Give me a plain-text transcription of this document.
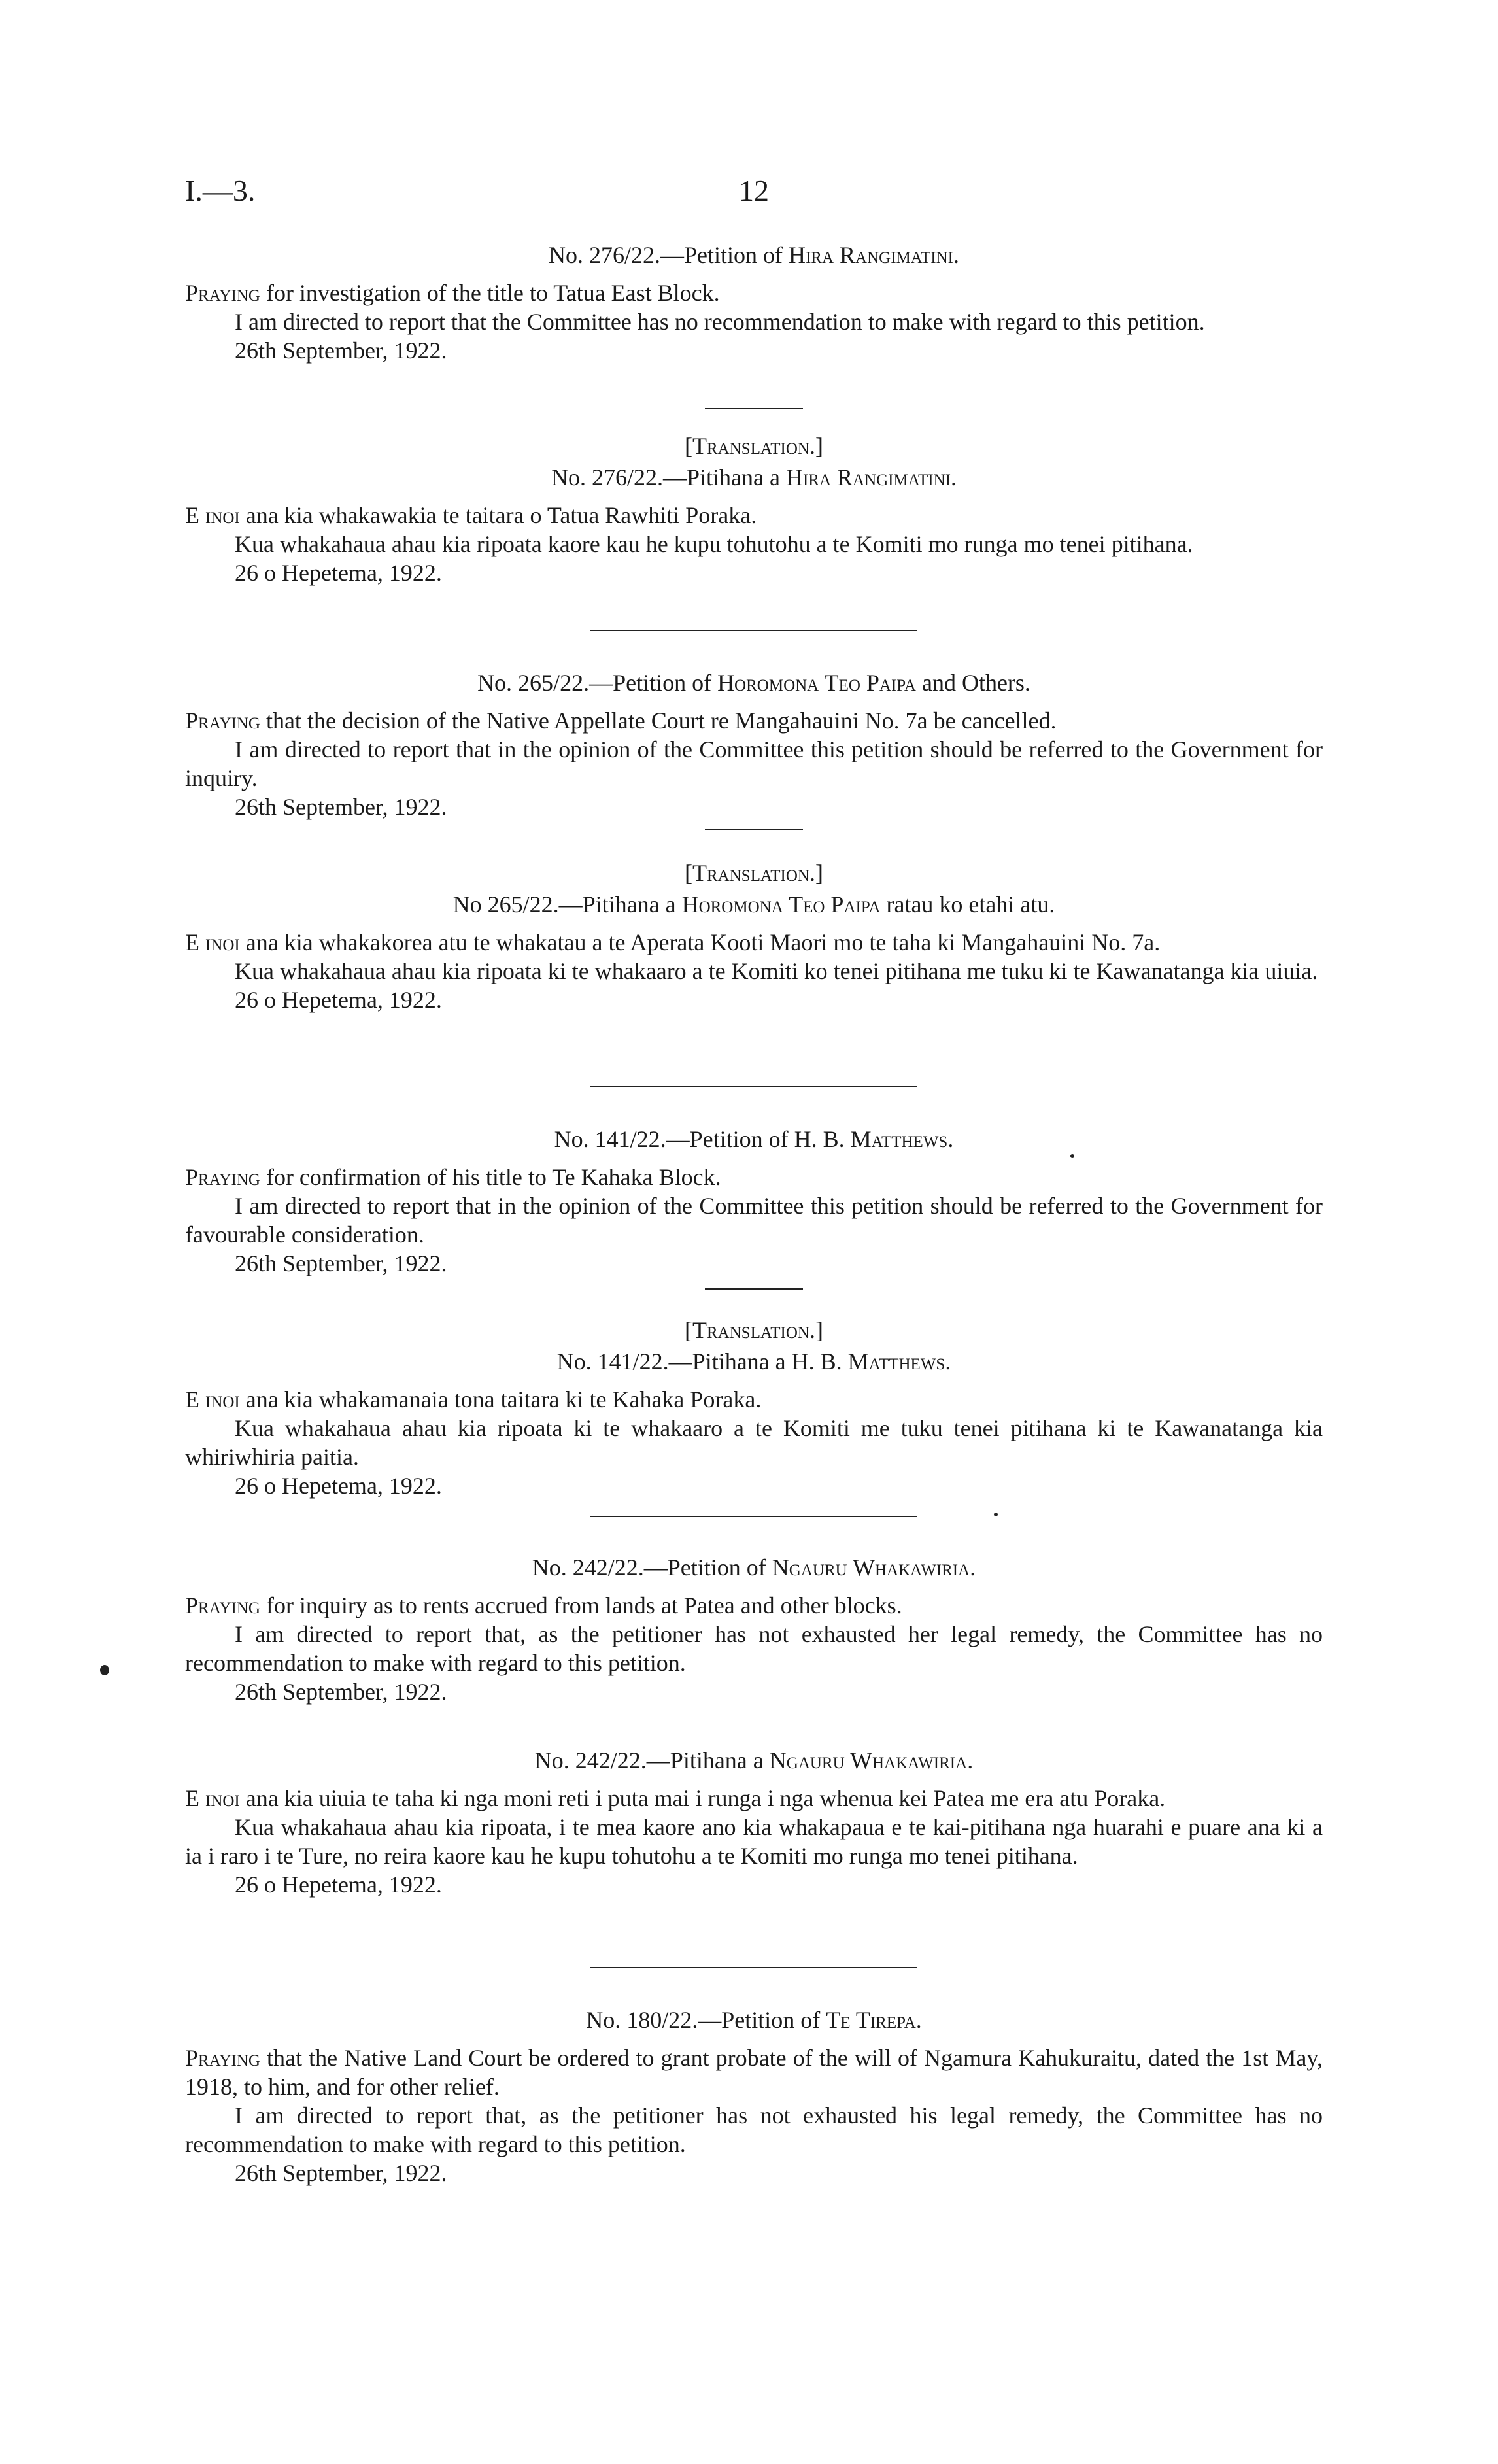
I.—3.	12
No. 276/22.—Petition of Hira Rangimatini.

Praying for investigation of the title to Tatua East Block.

I am directed to report that the Committee has no recommendation to make with regard to this petition.

26th September, 1922.

[Translation.]
No. 276/22.—Pitihana a Hira Rangimatini.

E inoi ana kia whakawakia te taitara o Tatua Rawhiti Poraka.

Kua whakahaua ahau kia ripoata kaore kau he kupu tohutohu a te Komiti mo runga mo tenei pitihana.

26 o Hepetema, 1922.

No. 265/22.—Petition of Horomona Teo Paipa and Others.

Praying that the decision of the Native Appellate Court re Mangahauini No. 7a be cancelled.

I am directed to report that in the opinion of the Committee this petition should be referred to the Government for inquiry.

26th September, 1922.

[Translation.]
No 265/22.—Pitihana a Horomona Teo Paipa ratau ko etahi atu.

E inoi ana kia whakakorea atu te whakatau a te Aperata Kooti Maori mo te taha ki Mangahauini No. 7a.

Kua whakahaua ahau kia ripoata ki te whakaaro a te Komiti ko tenei pitihana me tuku ki te Kawanatanga kia uiuia.

26 o Hepetema, 1922.

No. 141/22.—Petition of H. B. Matthews.

Praying for confirmation of his title to Te Kahaka Block.

I am directed to report that in the opinion of the Committee this petition should be referred to the Government for favourable consideration.

26th September, 1922.

[Translation.]
No. 141/22.—Pitihana a H. B. Matthews.

E inoi ana kia whakamanaia tona taitara ki te Kahaka Poraka.

Kua whakahaua ahau kia ripoata ki te whakaaro a te Komiti me tuku tenei pitihana ki te Kawanatanga kia whiriwhiria paitia.

26 o Hepetema, 1922.

No. 242/22.—Petition of Ngauru Whakawiria.

Praying for inquiry as to rents accrued from lands at Patea and other blocks.

I am directed to report that, as the petitioner has not exhausted her legal remedy, the Committee has no recommendation to make with regard to this petition.

26th September, 1922.

No. 242/22.—Pitihana a Ngauru Whakawiria.

E inoi ana kia uiuia te taha ki nga moni reti i puta mai i runga i nga whenua kei Patea me era atu Poraka.

Kua whakahaua ahau kia ripoata, i te mea kaore ano kia whakapaua e te kai-pitihana nga huarahi e puare ana ki a ia i raro i te Ture, no reira kaore kau he kupu tohutohu a te Komiti mo runga mo tenei pitihana.

26 o Hepetema, 1922.

No. 180/22.—Petition of Te Tirepa.

Praying that the Native Land Court be ordered to grant probate of the will of Ngamura Kahukuraitu, dated the 1st May, 1918, to him, and for other relief.

I am directed to report that, as the petitioner has not exhausted his legal remedy, the Committee has no recommendation to make with regard to this petition.

26th September, 1922.
